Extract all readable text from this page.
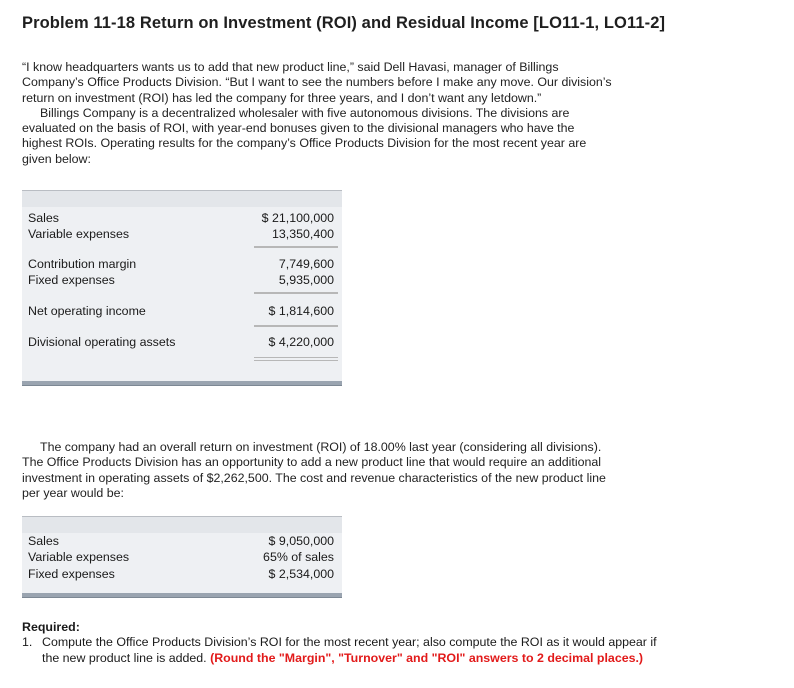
Problem 11-18 Return on Investment (ROI) and Residual Income [LO11-1, LO11-2]
“I know headquarters wants us to add that new product line,” said Dell Havasi, manager of Billings
Company’s Office Products Division. “But I want to see the numbers before I make any move. Our division’s
return on investment (ROI) has led the company for three years, and I don’t want any letdown.”
Billings Company is a decentralized wholesaler with five autonomous divisions. The divisions are
evaluated on the basis of ROI, with year-end bonuses given to the divisional managers who have the
highest ROIs. Operating results for the company’s Office Products Division for the most recent year are
given below:
Sales	$ 21,100,000
Variable expenses	13,350,400
Contribution margin	7,749,600
Fixed expenses	5,935,000
Net operating income	$ 1,814,600
Divisional operating assets	$ 4,220,000
The company had an overall return on investment (ROI) of 18.00% last year (considering all divisions).
The Office Products Division has an opportunity to add a new product line that would require an additional
investment in operating assets of $2,262,500. The cost and revenue characteristics of the new product line
per year would be:
Sales	$ 9,050,000
Variable expenses	65% of sales
Fixed expenses	$ 2,534,000
Required:
1. Compute the Office Products Division’s ROI for the most recent year; also compute the ROI as it would appear if the new product line is added. (Round the "Margin", "Turnover" and "ROI" answers to 2 decimal places.)
